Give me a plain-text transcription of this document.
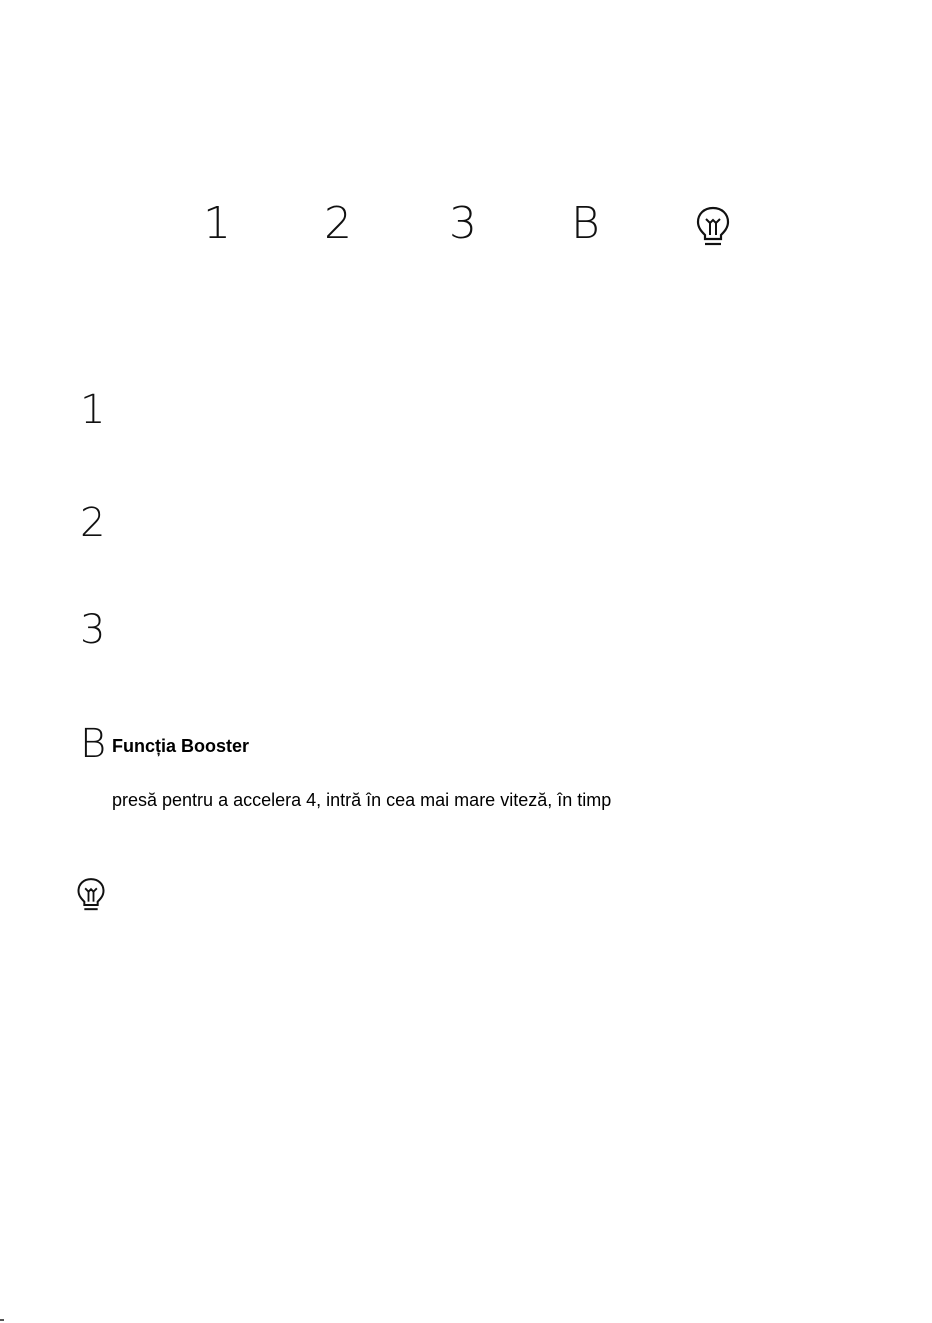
1 2 3 B
1
2
3
B Funcția Booster
presă pentru a accelera 4, intră în cea mai mare viteză, în timp
